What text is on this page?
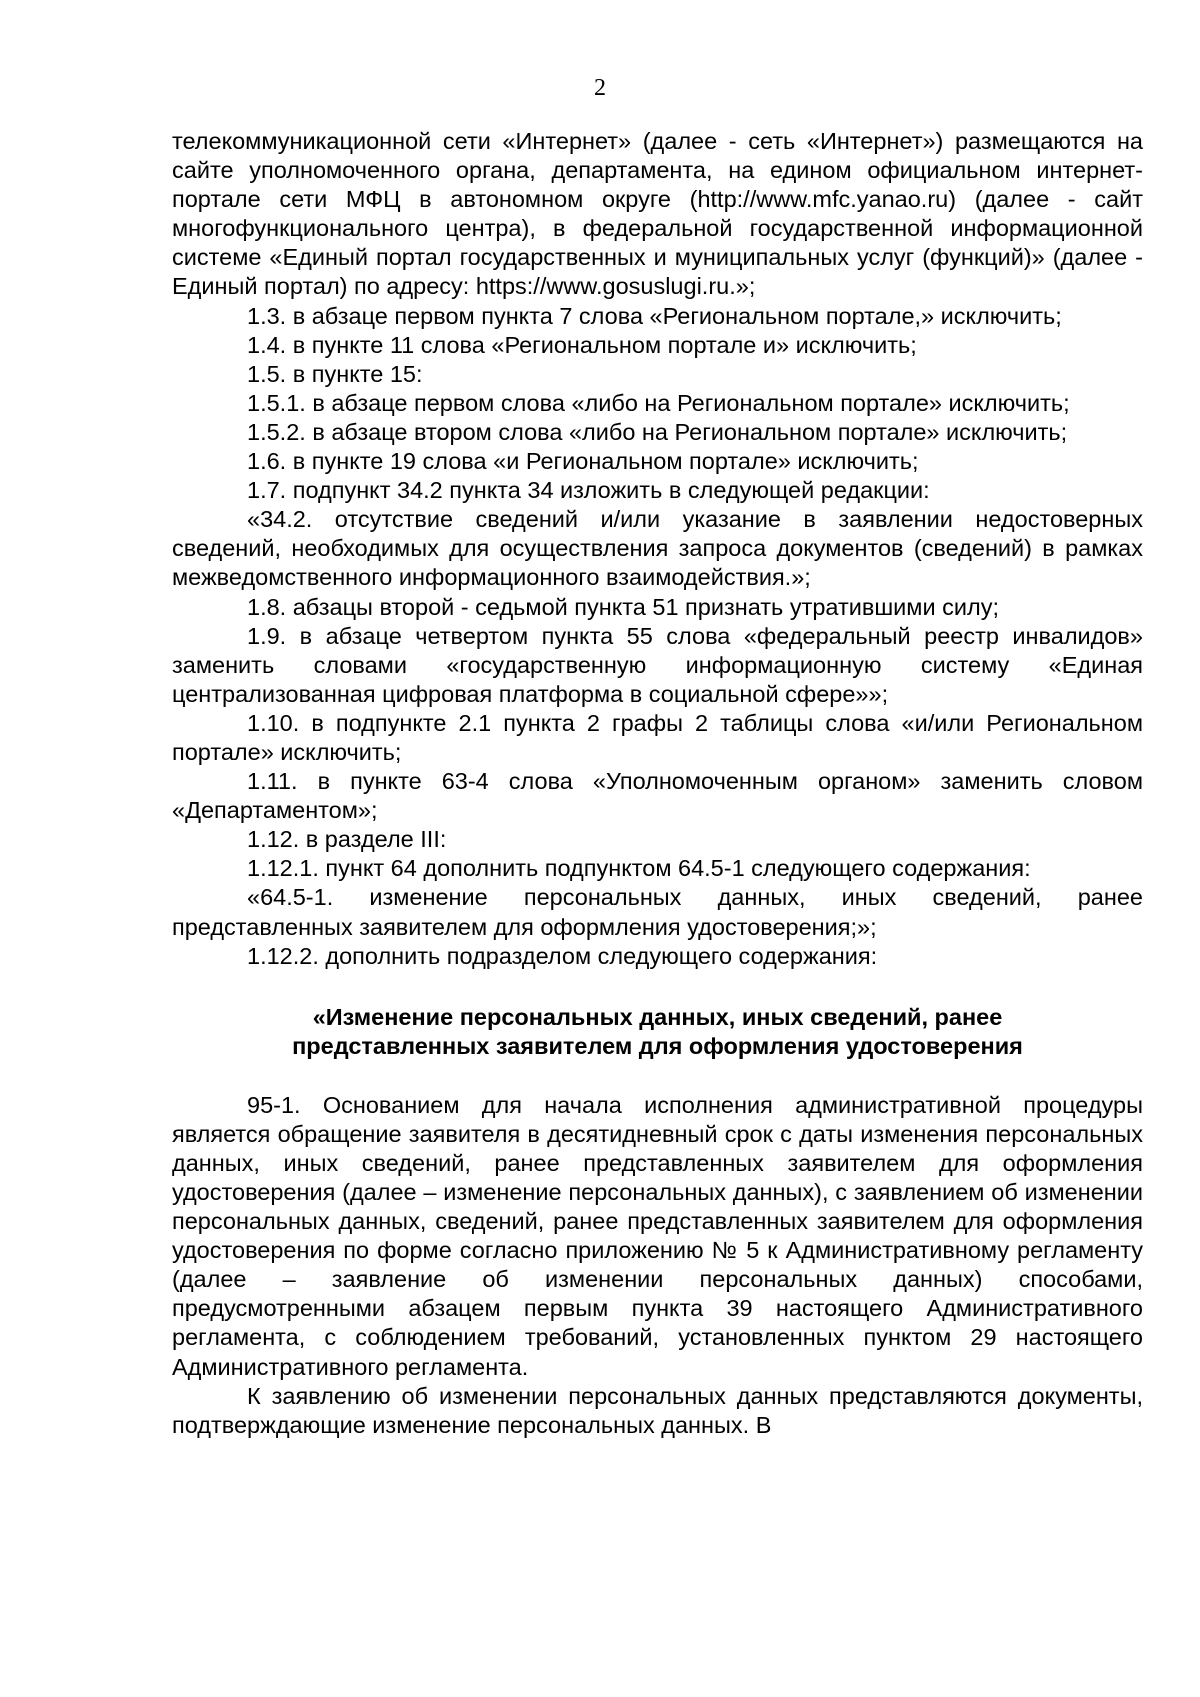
2

телекоммуникационной сети «Интернет» (далее - сеть «Интернет») размещаются на сайте уполномоченного органа, департамента, на едином официальном интернет-портале сети МФЦ в автономном округе (http://www.mfc.yanao.ru) (далее - сайт многофункционального центра), в федеральной государственной информационной системе «Единый портал государственных и муниципальных услуг (функций)» (далее - Единый портал) по адресу: https://www.gosuslugi.ru.»;

1.3. в абзаце первом пункта 7 слова «Региональном портале,» исключить;

1.4. в пункте 11 слова «Региональном портале и» исключить;

1.5. в пункте 15:

1.5.1. в абзаце первом слова «либо на Региональном портале» исключить;

1.5.2. в абзаце втором слова «либо на Региональном портале» исключить;

1.6. в пункте 19 слова «и Региональном портале» исключить;

1.7. подпункт 34.2 пункта 34 изложить в следующей редакции:

«34.2. отсутствие сведений и/или указание в заявлении недостоверных сведений, необходимых для осуществления запроса документов (сведений) в рамках межведомственного информационного взаимодействия.»;

1.8. абзацы второй - седьмой пункта 51 признать утратившими силу;

1.9. в абзаце четвертом пункта 55 слова «федеральный реестр инвалидов» заменить словами «государственную информационную систему «Единая централизованная цифровая платформа в социальной сфере»»;

1.10. в подпункте 2.1 пункта 2 графы 2 таблицы слова «и/или Региональном портале» исключить;

1.11. в пункте 63-4 слова «Уполномоченным органом» заменить словом «Департаментом»;

1.12. в разделе III:

1.12.1. пункт 64 дополнить подпунктом 64.5-1 следующего содержания:

«64.5-1. изменение персональных данных, иных сведений, ранее представленных заявителем для оформления удостоверения;»;

1.12.2. дополнить подразделом следующего содержания:

«Изменение персональных данных, иных сведений, ранее
представленных заявителем для оформления удостоверения

95-1. Основанием для начала исполнения административной процедуры является обращение заявителя в десятидневный срок с даты изменения персональных данных, иных сведений, ранее представленных заявителем для оформления удостоверения (далее – изменение персональных данных), с заявлением об изменении персональных данных, сведений, ранее представленных заявителем для оформления удостоверения по форме согласно приложению № 5 к Административному регламенту (далее – заявление об изменении персональных данных) способами, предусмотренными абзацем первым пункта 39 настоящего Административного регламента, с соблюдением требований, установленных пунктом 29 настоящего Административного регламента.

К заявлению об изменении персональных данных представляются документы, подтверждающие изменение персональных данных. В
